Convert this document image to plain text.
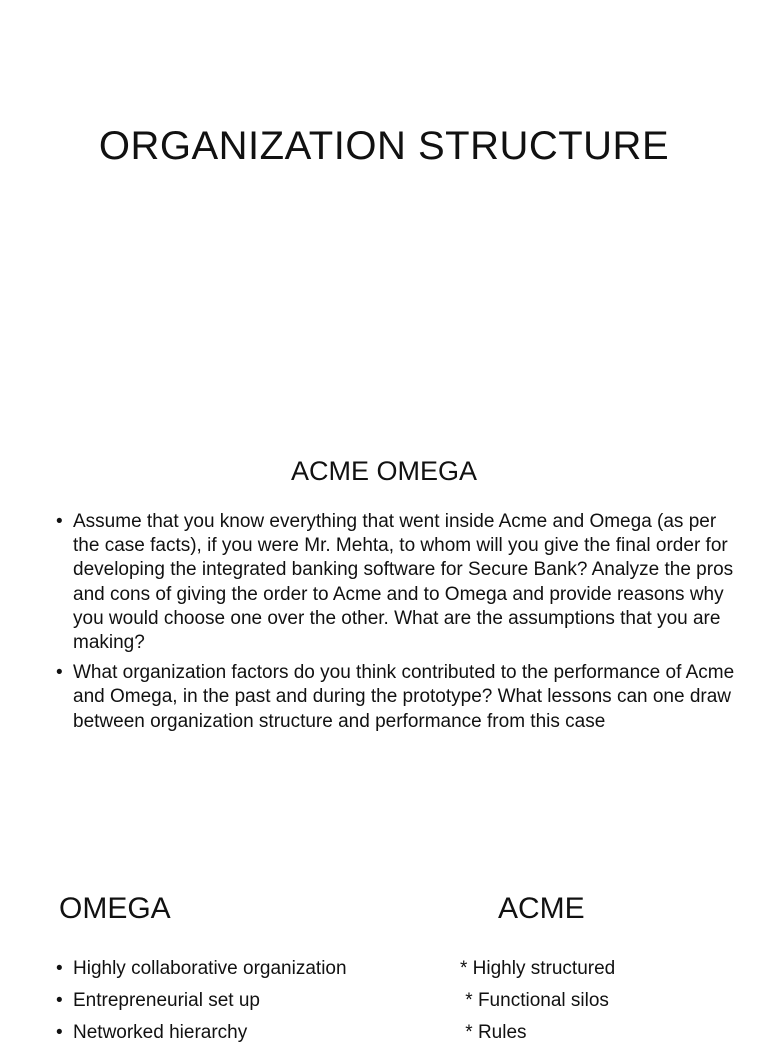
ORGANIZATION STRUCTURE
ACME OMEGA
• Assume that you know everything that went inside Acme and Omega (as per the case facts), if you were Mr. Mehta, to whom will you give the final order for developing the integrated banking software for Secure Bank? Analyze the pros and cons of giving the order to Acme and to Omega and provide reasons why you would choose one over the other. What are the assumptions that you are making?
• What organization factors do you think contributed to the performance of Acme and Omega, in the past and during the prototype? What lessons can one draw between organization structure and performance from this case
OMEGA	ACME
• Highly collaborative organization
• Entrepreneurial set up
• Networked hierarchy
* Highly structured
* Functional silos
* Rules
